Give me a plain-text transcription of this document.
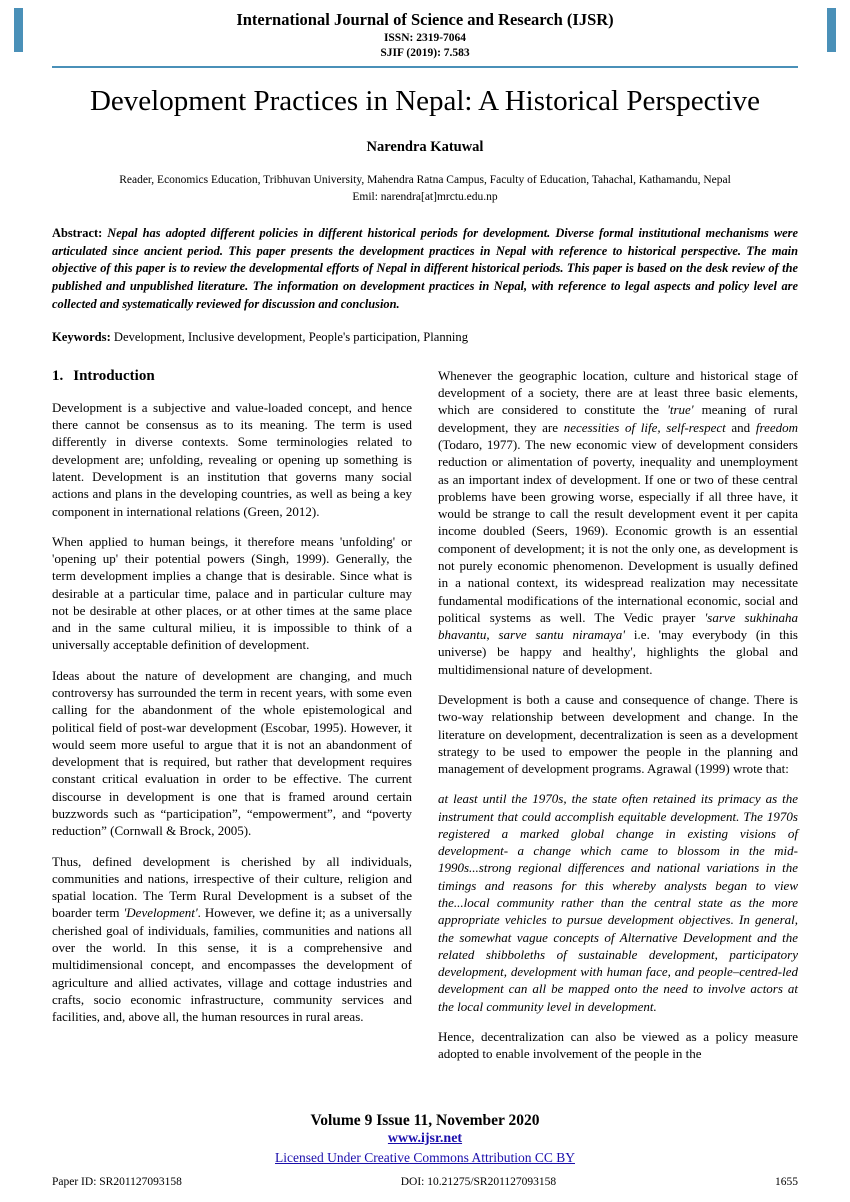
International Journal of Science and Research (IJSR)
ISSN: 2319-7064
SJIF (2019): 7.583
Development Practices in Nepal: A Historical Perspective
Narendra Katuwal
Reader, Economics Education, Tribhuvan University, Mahendra Ratna Campus, Faculty of Education, Tahachal, Kathamandu, Nepal
Emil: narendra[at]mrctu.edu.np
Abstract: Nepal has adopted different policies in different historical periods for development. Diverse formal institutional mechanisms were articulated since ancient period. This paper presents the development practices in Nepal with reference to historical perspective. The main objective of this paper is to review the developmental efforts of Nepal in different historical periods. This paper is based on the desk review of the published and unpublished literature. The information on development practices in Nepal, with reference to legal aspects and policy level are collected and systematically reviewed for discussion and conclusion.
Keywords: Development, Inclusive development, People's participation, Planning
1. Introduction

Development is a subjective and value-loaded concept, and hence there cannot be consensus as to its meaning. The term is used differently in diverse contexts. Some terminologies related to development are; unfolding, revealing or opening up something is latent. Development is an institution that governs many social actions and plans in the developing countries, as well as being a key component in international relations (Green, 2012).

When applied to human beings, it therefore means 'unfolding' or 'opening up' their potential powers (Singh, 1999). Generally, the term development implies a change that is desirable. Since what is desirable at a particular time, palace and in particular culture may not be desirable at other places, or at other times at the same place and in the same cultural milieu, it is impossible to think of a universally acceptable definition of development.

Ideas about the nature of development are changing, and much controversy has surrounded the term in recent years, with some even calling for the abandonment of the whole epistemological and political field of post-war development (Escobar, 1995). However, it would seem more useful to argue that it is not an abandonment of development that is required, but rather that development requires constant critical evaluation in order to be effective. The current discourse in development is one that is framed around certain buzzwords such as “participation”, “empowerment”, and “poverty reduction” (Cornwall & Brock, 2005).

Thus, defined development is cherished by all individuals, communities and nations, irrespective of their culture, religion and spatial location. The Term Rural Development is a subset of the boarder term 'Development'. However, we define it; as a universally cherished goal of individuals, families, communities and nations all over the world. In this sense, it is a comprehensive and multidimensional concept, and encompasses the development of agriculture and allied activates, village and cottage industries and crafts, socio economic infrastructure, community services and facilities, and, above all, the human resources in rural areas.

Whenever the geographic location, culture and historical stage of development of a society, there are at least three basic elements, which are considered to constitute the 'true' meaning of rural development, they are necessities of life, self-respect and freedom (Todaro, 1977). The new economic view of development considers reduction or alimentation of poverty, inequality and unemployment as an important index of development. If one or two of these central problems have been growing worse, especially if all three have, it would be strange to call the result development event it per capita income doubled (Seers, 1969). Economic growth is an essential component of development; it is not the only one, as development is not purely economic phenomenon. Development is usually defined in a national context, its widespread realization may necessitate fundamental modifications of the international economic, social and political systems as well. The Vedic prayer 'sarve sukhinaha bhavantu, sarve santu niramaya' i.e. 'may everybody (in this universe) be happy and healthy', highlights the global and multidimensional nature of development.

Development is both a cause and consequence of change. There is two-way relationship between development and change. In the literature on development, decentralization is seen as a development strategy to be used to empower the people in the planning and management of development programs. Agrawal (1999) wrote that:

at least until the 1970s, the state often retained its primacy as the instrument that could accomplish equitable development. The 1970s registered a marked global change in existing visions of development- a change which came to blossom in the mid-1990s...strong regional differences and national variations in the timings and reasons for this whereby analysts began to view the...local community rather than the central state as the more appropriate vehicles to pursue development objectives. In general, the somewhat vague concepts of Alternative Development and the related shibboleths of sustainable development, participatory development, development with human face, and people–centred-led development can all be mapped onto the need to involve actors at the local community level in development.

Hence, decentralization can also be viewed as a policy measure adopted to enable involvement of the people in the

Volume 9 Issue 11, November 2020
www.ijsr.net
Licensed Under Creative Commons Attribution CC BY
Paper ID: SR201127093158	DOI: 10.21275/SR201127093158	1655
